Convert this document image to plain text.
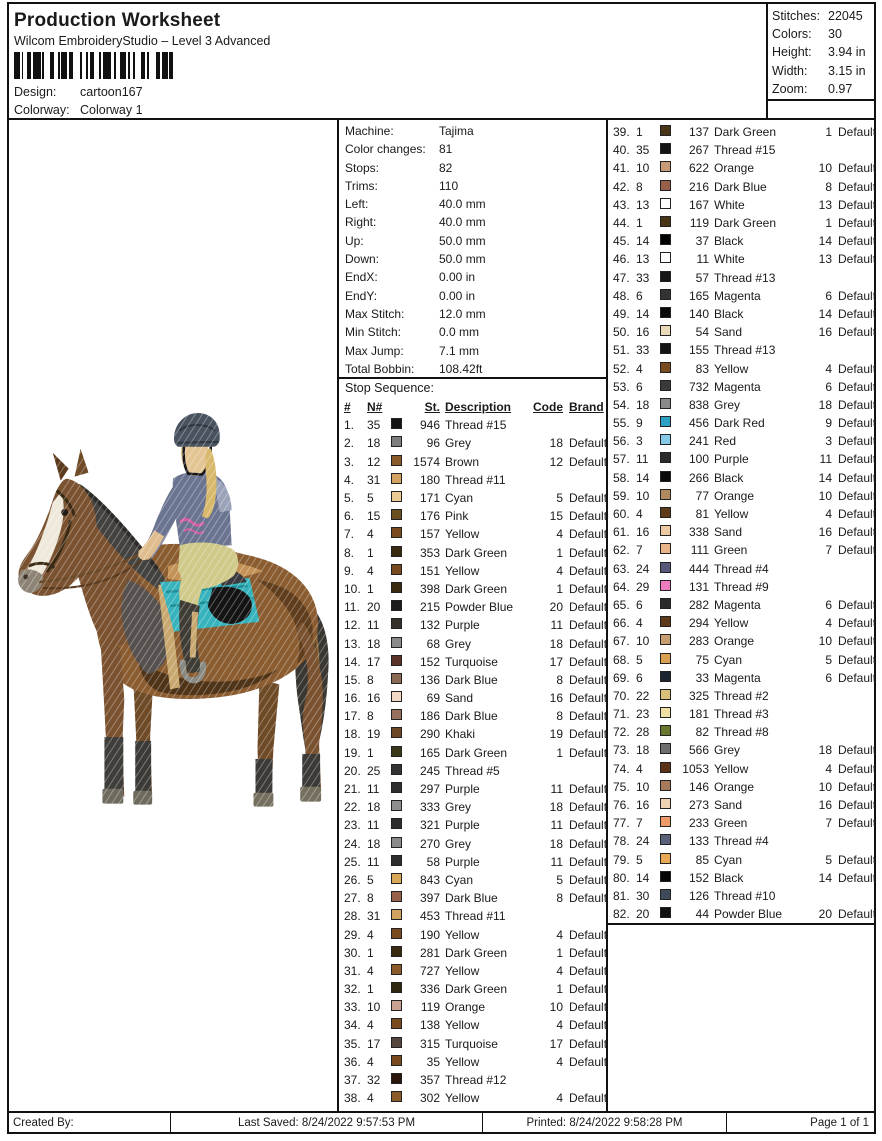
Production Worksheet
Wilcom EmbroideryStudio – Level 3 Advanced
Design:	cartoon167
Colorway: Colorway 1
Stitches: 22045
Colors:	30
Height:	3.94 in
Width:	3.15 in
Zoom:	0.97
Machine:	Tajima
Color changes:	81
Stops:	82
Trims:	110
Left:	40.0 mm
Right:	40.0 mm
Up:	50.0 mm
Down:	50.0 mm
EndX:	0.00 in
EndY:	0.00 in
Max Stitch:	12.0 mm
Min Stitch:	0.0 mm
Max Jump:	7.1 mm
Total Bobbin:	108.42ft
Stop Sequence:
#	N#	St. Description	Code Brand
1.	35	946 Thread #15
2.	18	96 Grey	18 Default
3.	12	1574 Brown	12 Default
4.	31	180 Thread #11
5.	5	171 Cyan	5 Default
6.	15	176 Pink	15 Default
7.	4	157 Yellow	4 Default
8.	1	353 Dark Green	1 Default
9.	4	151 Yellow	4 Default
10. 1	398 Dark Green	1 Default
11. 20	215 Powder Blue	20 Default
12. 11	132 Purple	11 Default
13. 18	68 Grey	18 Default
14. 17	152 Turquoise	17 Default
15. 8	136 Dark Blue	8 Default
16. 16	69 Sand	16 Default
17. 8	186 Dark Blue	8 Default
18. 19	290 Khaki	19 Default
19. 1	165 Dark Green	1 Default
20. 25	245 Thread #5
21. 11	297 Purple	11 Default
22. 18	333 Grey	18 Default
23. 11	321 Purple	11 Default
24. 18	270 Grey	18 Default
25. 11	58 Purple	11 Default
26. 5	843 Cyan	5 Default
27. 8	397 Dark Blue	8 Default
28. 31	453 Thread #11
29. 4	190 Yellow	4 Default
30. 1	281 Dark Green	1 Default
31. 4	727 Yellow	4 Default
32. 1	336 Dark Green	1 Default
33. 10	119 Orange	10 Default
34. 4	138 Yellow	4 Default
35. 17	315 Turquoise	17 Default
36. 4	35 Yellow	4 Default
37. 32	357 Thread #12
38. 4	302 Yellow	4 Default
39. 1	137 Dark Green	1 Default
40. 35	267 Thread #15
41. 10	622 Orange	10 Default
42. 8	216 Dark Blue	8 Default
43. 13	167 White	13 Default
44. 1	119 Dark Green	1 Default
45. 14	37 Black	14 Default
46. 13	11 White	13 Default
47. 33	57 Thread #13
48. 6	165 Magenta	6 Default
49. 14	140 Black	14 Default
50. 16	54 Sand	16 Default
51. 33	155 Thread #13
52. 4	83 Yellow	4 Default
53. 6	732 Magenta	6 Default
54. 18	838 Grey	18 Default
55. 9	456 Dark Red	9 Default
56. 3	241 Red	3 Default
57. 11	100 Purple	11 Default
58. 14	266 Black	14 Default
59. 10	77 Orange	10 Default
60. 4	81 Yellow	4 Default
61. 16	338 Sand	16 Default
62. 7	111 Green	7 Default
63. 24	444 Thread #4
64. 29	131 Thread #9
65. 6	282 Magenta	6 Default
66. 4	294 Yellow	4 Default
67. 10	283 Orange	10 Default
68. 5	75 Cyan	5 Default
69. 6	33 Magenta	6 Default
70. 22	325 Thread #2
71. 23	181 Thread #3
72. 28	82 Thread #8
73. 18	566 Grey	18 Default
74. 4	1053 Yellow	4 Default
75. 10	146 Orange	10 Default
76. 16	273 Sand	16 Default
77. 7	233 Green	7 Default
78. 24	133 Thread #4
79. 5	85 Cyan	5 Default
80. 14	152 Black	14 Default
81. 30	126 Thread #10
82. 20	44 Powder Blue	20 Default
Created By:	Last Saved: 8/24/2022 9:57:53 PM	Printed: 8/24/2022 9:58:28 PM	Page 1 of 1
